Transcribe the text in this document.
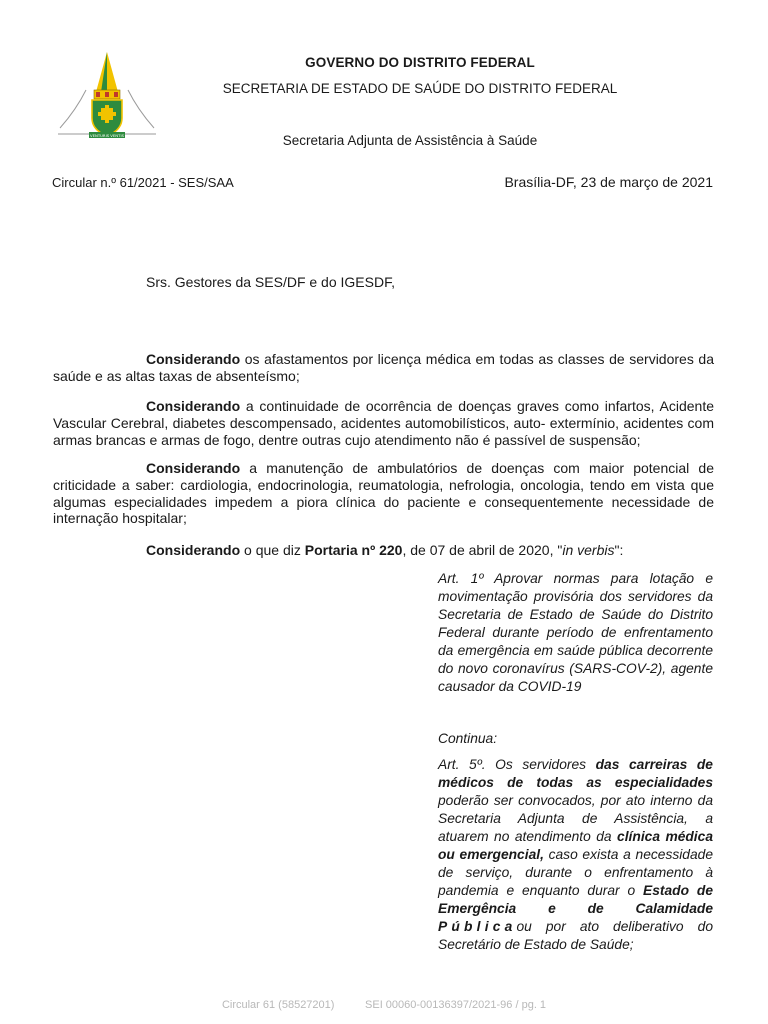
VENTURIS VENTIS
GOVERNO DO DISTRITO FEDERAL
SECRETARIA DE ESTADO DE SAÚDE DO DISTRITO FEDERAL
Secretaria Adjunta de Assistência à Saúde
Circular n.º 61/2021 - SES/SAA	Brasília-DF, 23 de março de 2021
Srs. Gestores da SES/DF e do IGESDF,
Considerando os afastamentos por licença médica em todas as classes de servidores da saúde e as altas taxas de absenteísmo;
Considerando a continuidade de ocorrência de doenças graves como infartos, Acidente Vascular Cerebral, diabetes descompensado, acidentes automobilísticos, auto- extermínio, acidentes com armas brancas e armas de fogo, dentre outras cujo atendimento não é passível de suspensão;
Considerando a manutenção de ambulatórios de doenças com maior potencial de criticidade a saber: cardiologia, endocrinologia, reumatologia, nefrologia, oncologia, tendo em vista que algumas especialidades impedem a piora clínica do paciente e consequentemente necessidade de internação hospitalar;
Considerando o que diz Portaria nº 220, de 07 de abril de 2020, "in verbis":
Art. 1º Aprovar normas para lotação e movimentação provisória dos servidores da Secretaria de Estado de Saúde do Distrito Federal durante período de enfrentamento da emergência em saúde pública decorrente do novo coronavírus (SARS-COV-2), agente causador da COVID-19
Continua:
Art. 5º. Os servidores das carreiras de médicos de todas as especialidades poderão ser convocados, por ato interno da Secretaria Adjunta de Assistência, a atuarem no atendimento da clínica médica ou emergencial, caso exista a necessidade de serviço, durante o enfrentamento à pandemia e enquanto durar o Estado de Emergência e de Calamidade Públicaou por ato deliberativo do Secretário de Estado de Saúde;
Circular 61 (58527201)	SEI 00060-00136397/2021-96 / pg. 1
